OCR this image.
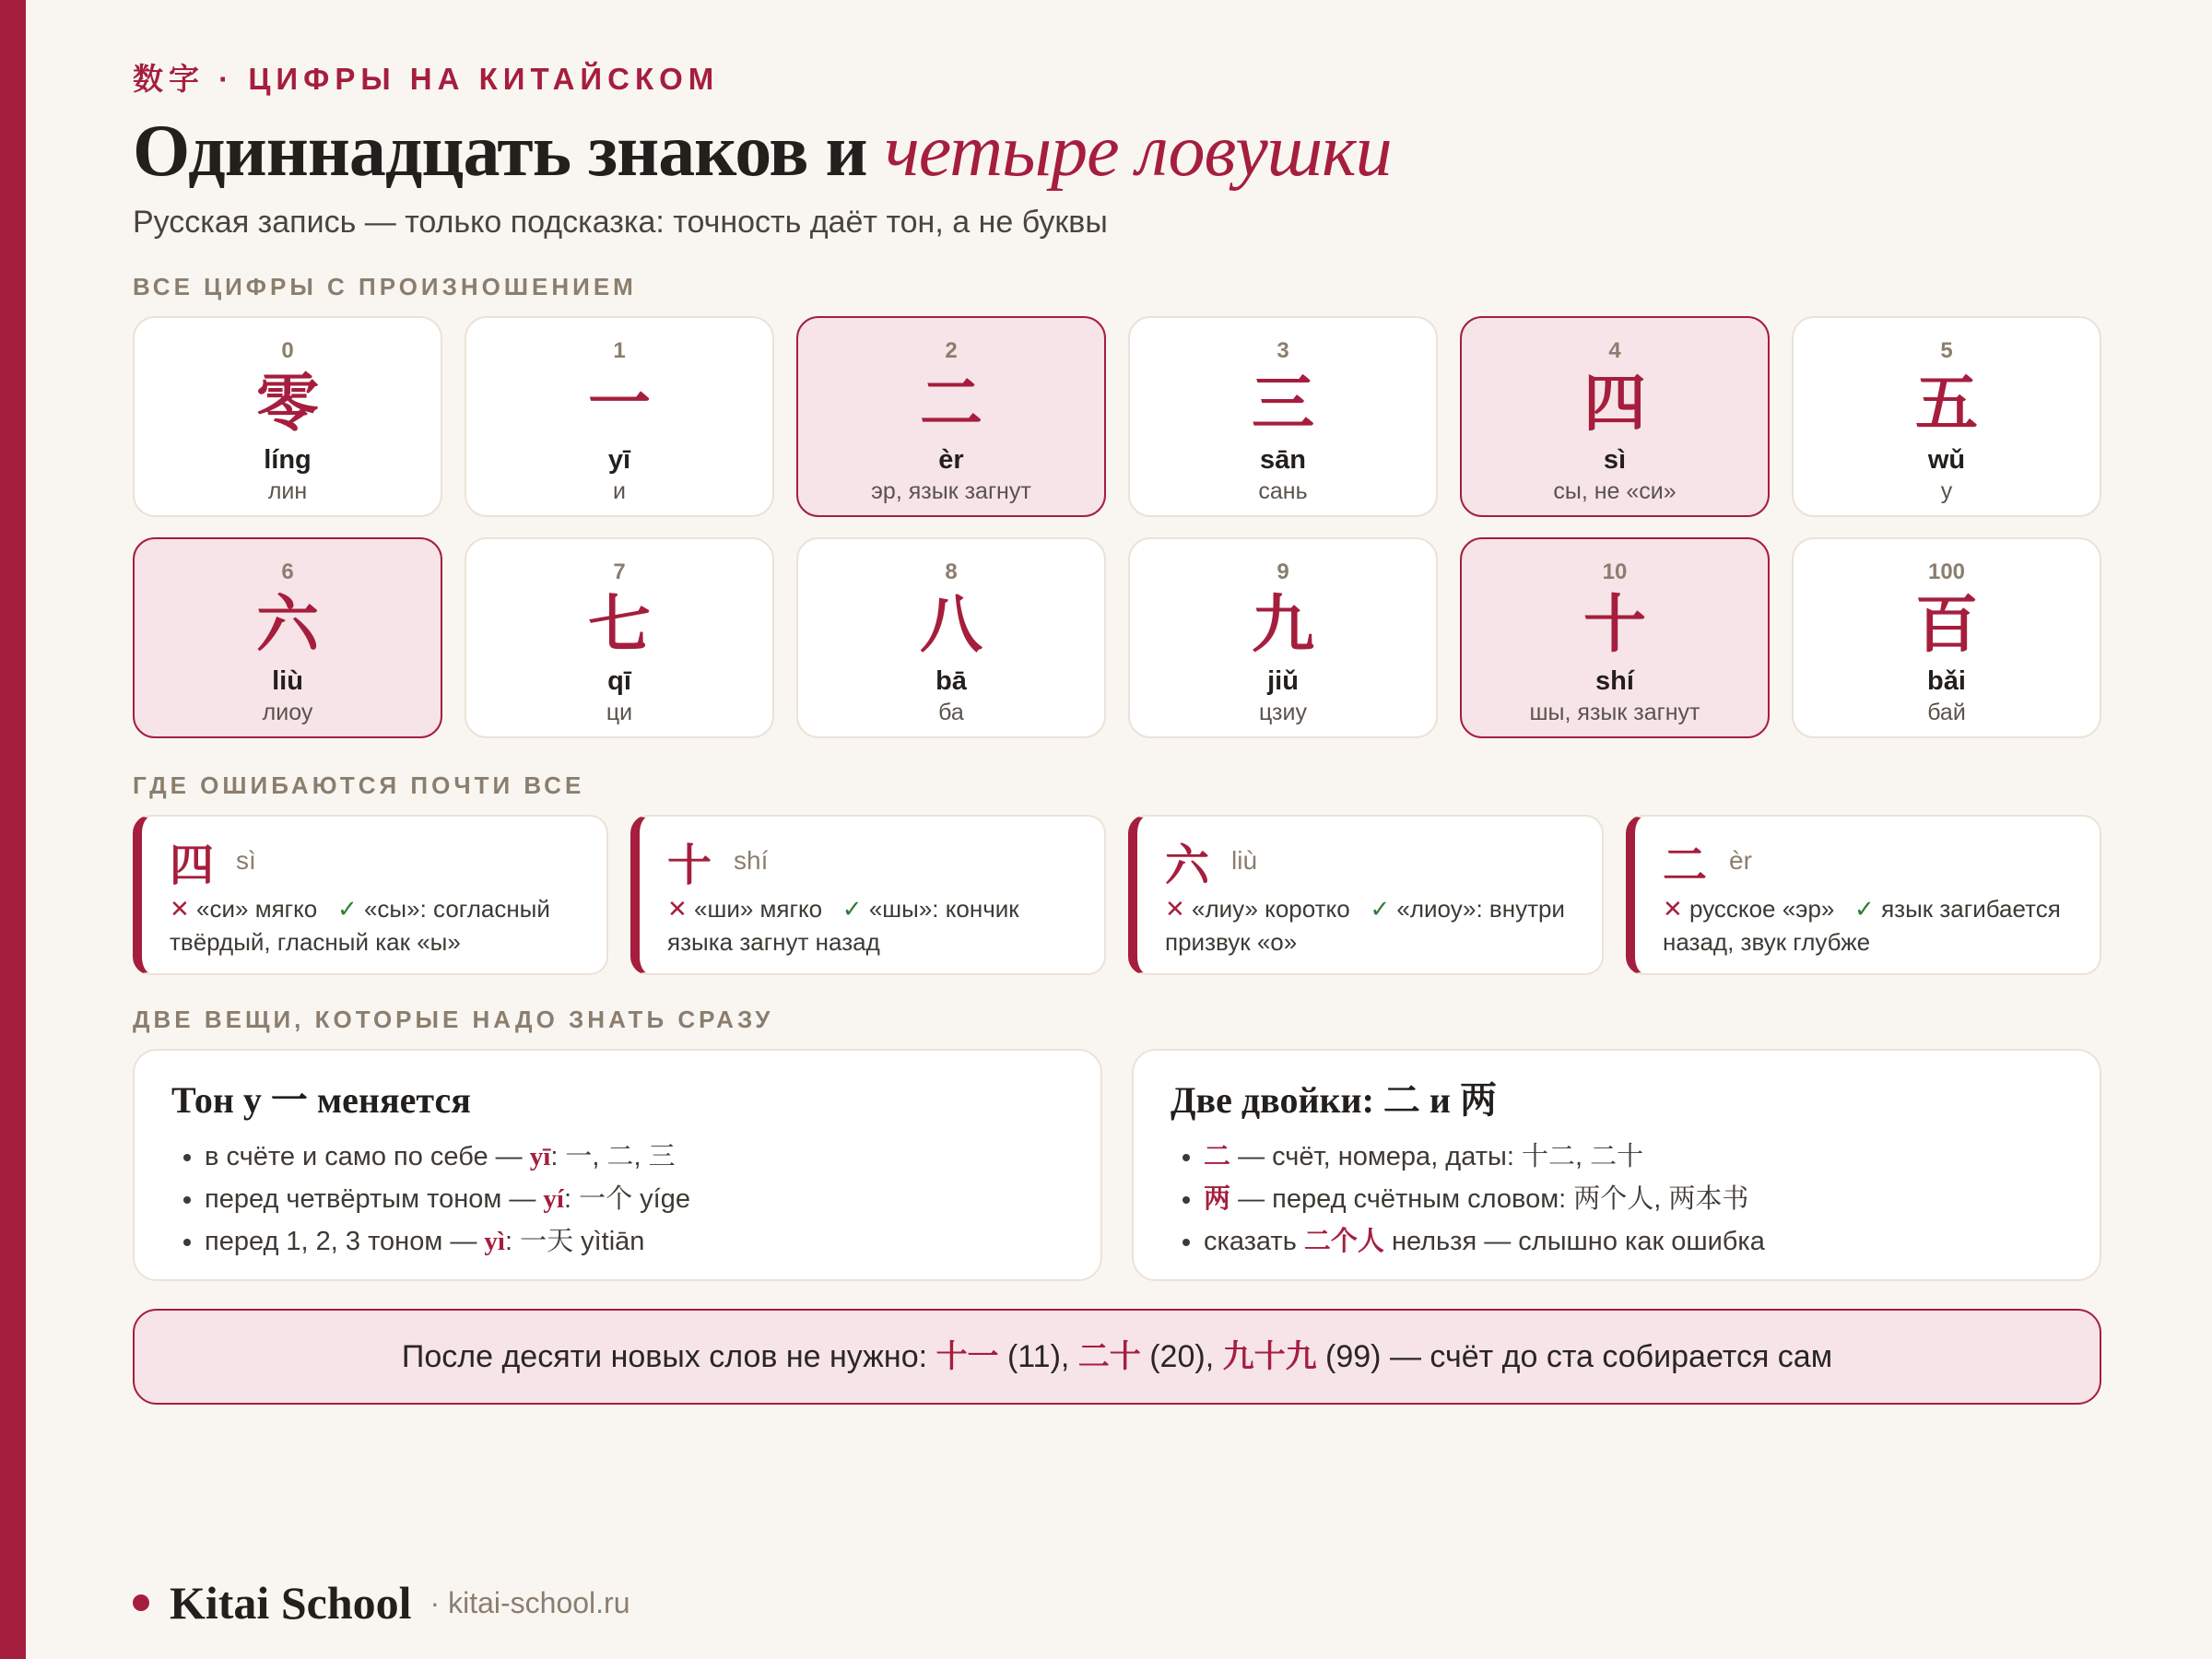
数字 · ЦИФРЫ НА КИТАЙСКОМ
Одиннадцать знаков и четыре ловушки
Русская запись — только подсказка: точность даёт тон, а не буквы
ВСЕ ЦИФРЫ С ПРОИЗНОШЕНИЕМ
0
零
líng
лин
1
一
yī
и
2
二
èr
эр, язык загнут
3
三
sān
сань
4
四
sì
сы, не «си»
5
五
wǔ
у
6
六
liù
лиоу
7
七
qī
ци
8
八
bā
ба
9
九
jiǔ
цзиу
10
十
shí
шы, язык загнут
100
百
bǎi
бай
ГДЕ ОШИБАЮТСЯ ПОЧТИ ВСЕ
四 sì
✕ «си» мягко ✓ «сы»: согласный твёрдый, гласный как «ы»
十 shí
✕ «ши» мягко ✓ «шы»: кончик языка загнут назад
六 liù
✕ «лиу» коротко ✓ «лиоу»: внутри призвук «о»
二 èr
✕ русское «эр» ✓ язык загибается назад, звук глубже
ДВЕ ВЕЩИ, КОТОРЫЕ НАДО ЗНАТЬ СРАЗУ
Тон у 一 меняется
• в счёте и само по себе — yī: 一, 二, 三
• перед четвёртым тоном — yí: 一个 yíge
• перед 1, 2, 3 тоном — yì: 一天 yìtiān
Две двойки: 二 и 两
• 二 — счёт, номера, даты: 十二, 二十
• 两 — перед счётным словом: 两个人, 两本书
• сказать 二个人 нельзя — слышно как ошибка
После десяти новых слов не нужно: 十一 (11), 二十 (20), 九十九 (99) — счёт до ста собирается сам
Kitai School · kitai-school.ru
